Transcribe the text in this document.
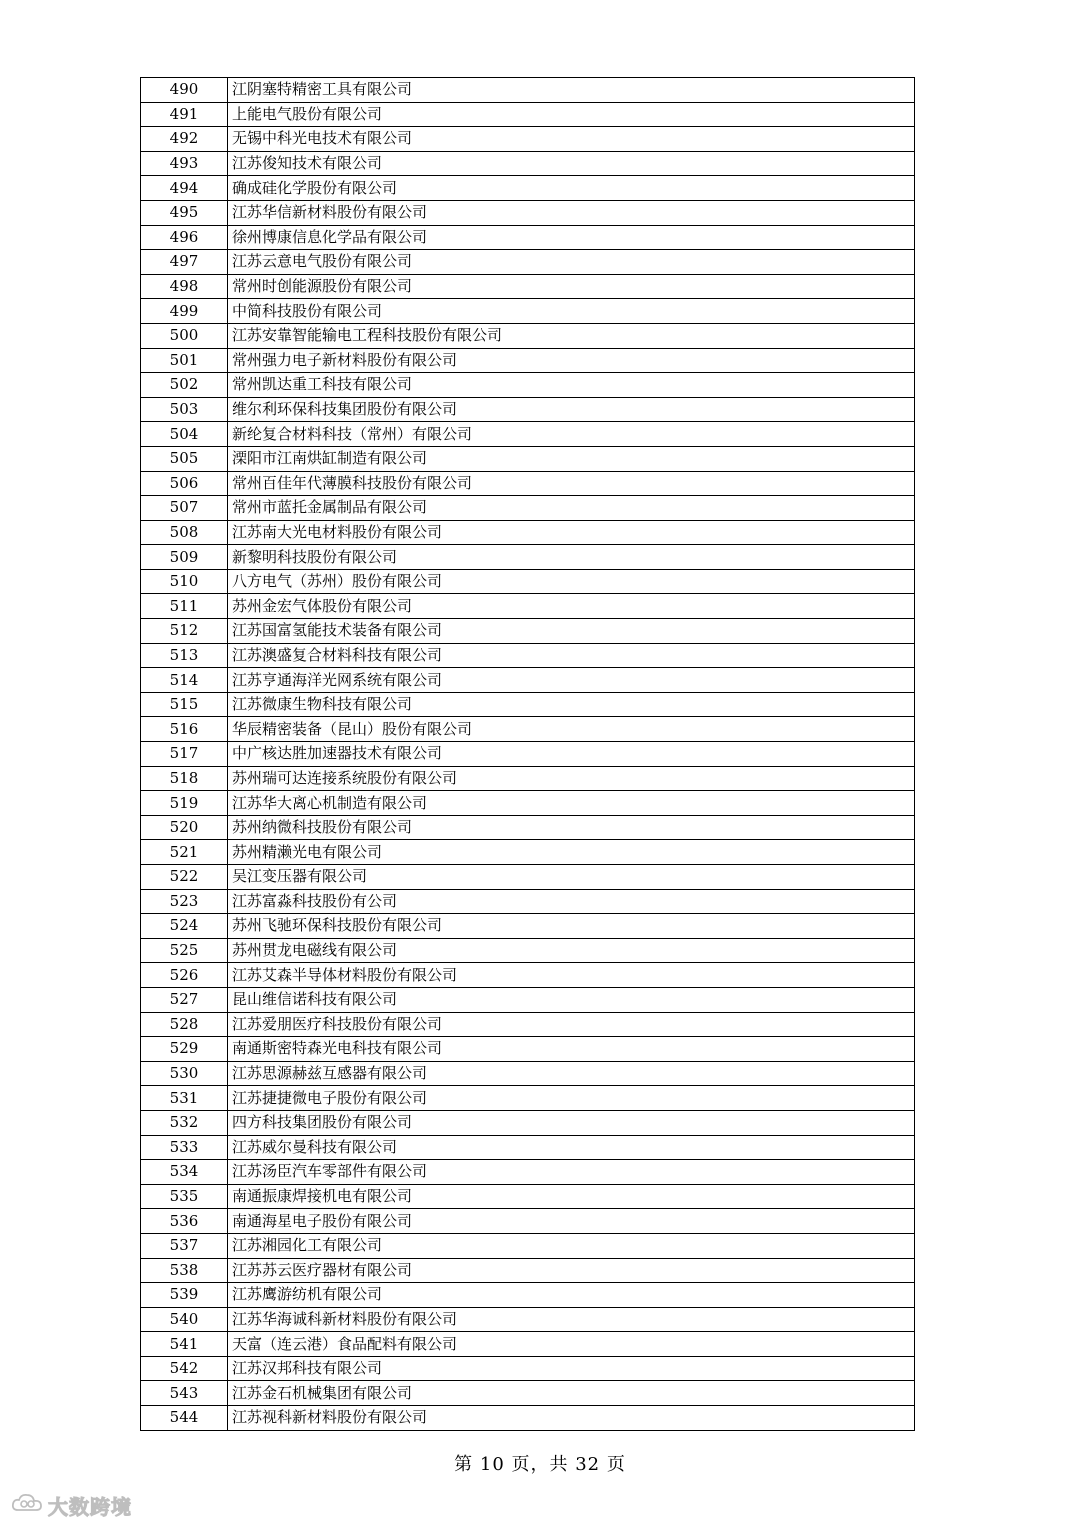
490	江阴塞特精密工具有限公司
491	上能电气股份有限公司
492	无锡中科光电技术有限公司
493	江苏俊知技术有限公司
494	确成硅化学股份有限公司
495	江苏华信新材料股份有限公司
496	徐州博康信息化学品有限公司
497	江苏云意电气股份有限公司
498	常州时创能源股份有限公司
499	中简科技股份有限公司
500	江苏安靠智能输电工程科技股份有限公司
501	常州强力电子新材料股份有限公司
502	常州凯达重工科技有限公司
503	维尔利环保科技集团股份有限公司
504	新纶复合材料科技（常州）有限公司
505	溧阳市江南烘缸制造有限公司
506	常州百佳年代薄膜科技股份有限公司
507	常州市蓝托金属制品有限公司
508	江苏南大光电材料股份有限公司
509	新黎明科技股份有限公司
510	八方电气（苏州）股份有限公司
511	苏州金宏气体股份有限公司
512	江苏国富氢能技术装备有限公司
513	江苏澳盛复合材料科技有限公司
514	江苏亨通海洋光网系统有限公司
515	江苏微康生物科技有限公司
516	华辰精密装备（昆山）股份有限公司
517	中广核达胜加速器技术有限公司
518	苏州瑞可达连接系统股份有限公司
519	江苏华大离心机制造有限公司
520	苏州纳微科技股份有限公司
521	苏州精濑光电有限公司
522	吴江变压器有限公司
523	江苏富淼科技股份有公司
524	苏州飞驰环保科技股份有限公司
525	苏州贯龙电磁线有限公司
526	江苏艾森半导体材料股份有限公司
527	昆山维信诺科技有限公司
528	江苏爱朋医疗科技股份有限公司
529	南通斯密特森光电科技有限公司
530	江苏思源赫兹互感器有限公司
531	江苏捷捷微电子股份有限公司
532	四方科技集团股份有限公司
533	江苏威尔曼科技有限公司
534	江苏汤臣汽车零部件有限公司
535	南通振康焊接机电有限公司
536	南通海星电子股份有限公司
537	江苏湘园化工有限公司
538	江苏苏云医疗器材有限公司
539	江苏鹰游纺机有限公司
540	江苏华海诚科新材料股份有限公司
541	天富（连云港）食品配料有限公司
542	江苏汉邦科技有限公司
543	江苏金石机械集团有限公司
544	江苏视科新材料股份有限公司
第 10 页，共 32 页
大数跨境
